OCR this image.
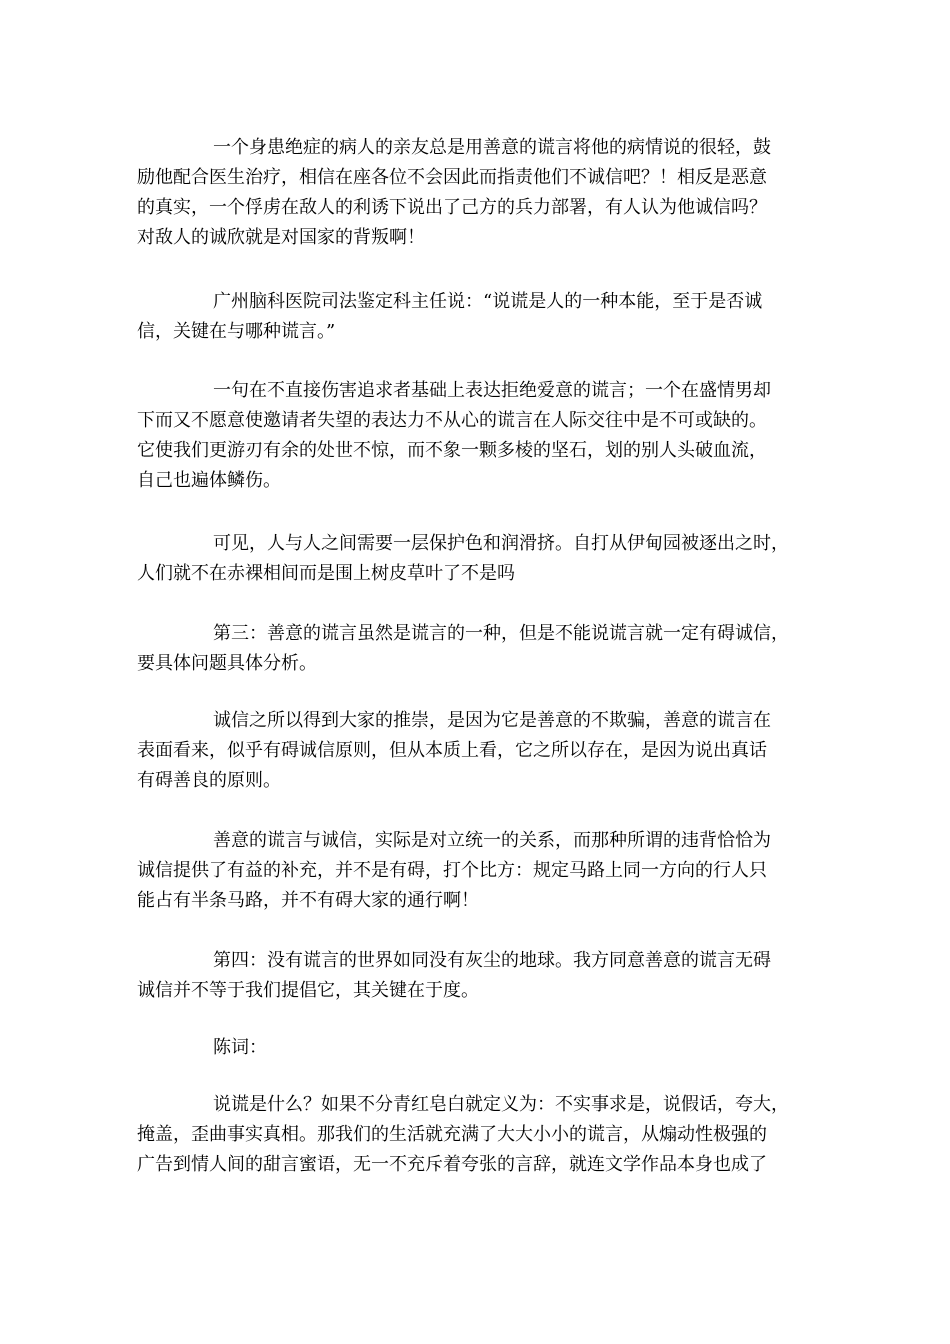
一个身患绝症的病人的亲友总是用善意的谎言将他的病情说的很轻，鼓
励他配合医生治疗，相信在座各位不会因此而指责他们不诚信吧？！相反是恶意
的真实，一个俘虏在敌人的利诱下说出了己方的兵力部署，有人认为他诚信吗？
对敌人的诚欣就是对国家的背叛啊！
广州脑科医院司法鉴定科主任说：“说谎是人的一种本能，至于是否诚
信，关键在与哪种谎言。”
一句在不直接伤害追求者基础上表达拒绝爱意的谎言；一个在盛情男却
下而又不愿意使邀请者失望的表达力不从心的谎言在人际交往中是不可或缺的。
它使我们更游刃有余的处世不惊，而不象一颗多棱的坚石，划的别人头破血流，
自己也遍体鳞伤。
可见，人与人之间需要一层保护色和润滑挤。自打从伊甸园被逐出之时，
人们就不在赤裸相间而是围上树皮草叶了不是吗
第三：善意的谎言虽然是谎言的一种，但是不能说谎言就一定有碍诚信，
要具体问题具体分析。
诚信之所以得到大家的推崇，是因为它是善意的不欺骗，善意的谎言在
表面看来，似乎有碍诚信原则，但从本质上看，它之所以存在，是因为说出真话
有碍善良的原则。
善意的谎言与诚信，实际是对立统一的关系，而那种所谓的违背恰恰为
诚信提供了有益的补充，并不是有碍，打个比方：规定马路上同一方向的行人只
能占有半条马路，并不有碍大家的通行啊！
第四：没有谎言的世界如同没有灰尘的地球。我方同意善意的谎言无碍
诚信并不等于我们提倡它，其关键在于度。
陈词：
说谎是什么？如果不分青红皂白就定义为：不实事求是，说假话，夸大，
掩盖，歪曲事实真相。那我们的生活就充满了大大小小的谎言，从煽动性极强的
广告到情人间的甜言蜜语，无一不充斥着夸张的言辞，就连文学作品本身也成了
